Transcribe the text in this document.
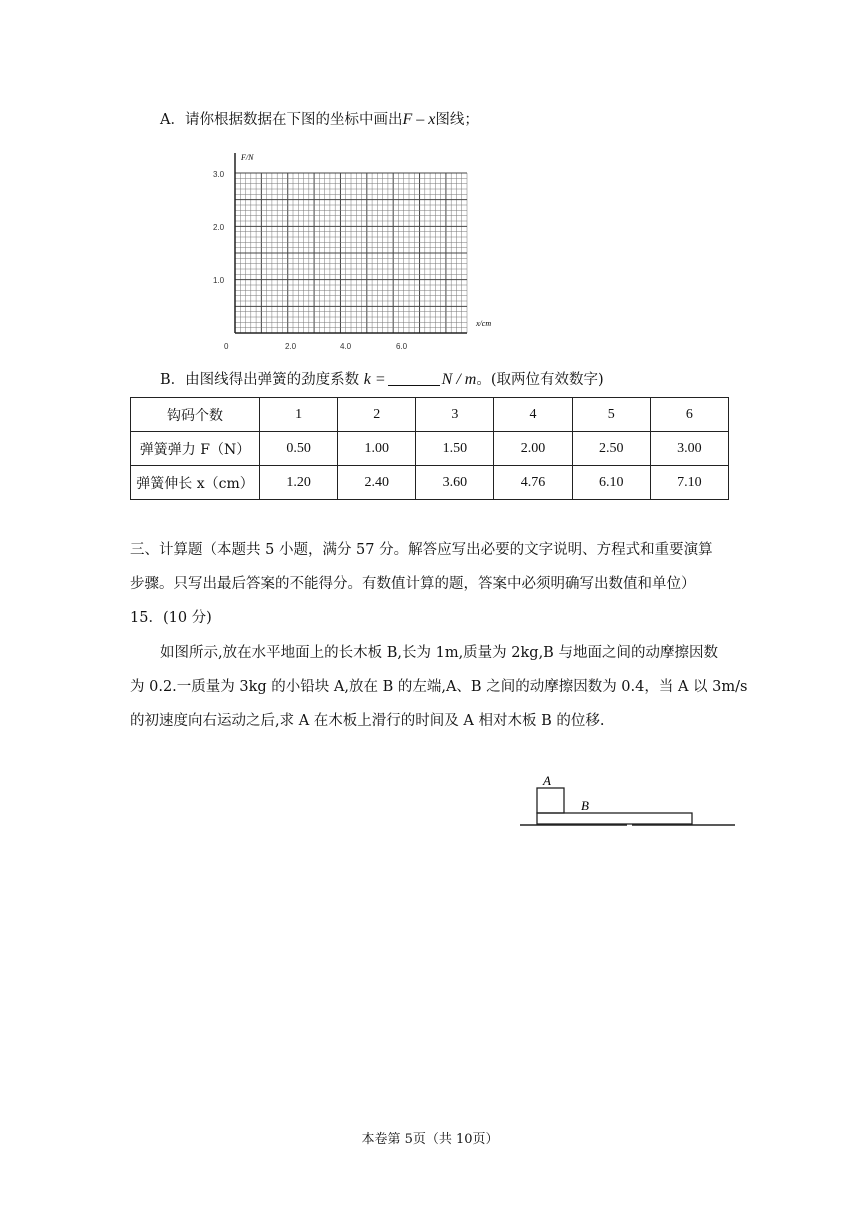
A．请你根据数据在下图的坐标中画出F – x图线；
F/N
x/cm
3.0
2.0
1.0
0	2.0	4.0	6.0
B．由图线得出弹簧的劲度系数 k =	N / m。(取两位有效数字)
钩码个数	1	2	3	4	5	6
弹簧弹力 F（N）	0.50	1.00	1.50	2.00	2.50	3.00
弹簧伸长 x（cm）	1.20	2.40	3.60	4.76	6.10	7.10
三、计算题（本题共 5 小题，满分 57 分。解答应写出必要的文字说明、方程式和重要演算
步骤。只写出最后答案的不能得分。有数值计算的题，答案中必须明确写出数值和单位）
15．(10 分)
如图所示,放在水平地面上的长木板 B,长为 1m,质量为 2kg,B 与地面之间的动摩擦因数
为 0.2.一质量为 3kg 的小铅块 A,放在 B 的左端,A、B 之间的动摩擦因数为 0.4，当 A 以 3m/s
的初速度向右运动之后,求 A 在木板上滑行的时间及 A 相对木板 B 的位移.
A
B
本卷第 5页（共 10页）
